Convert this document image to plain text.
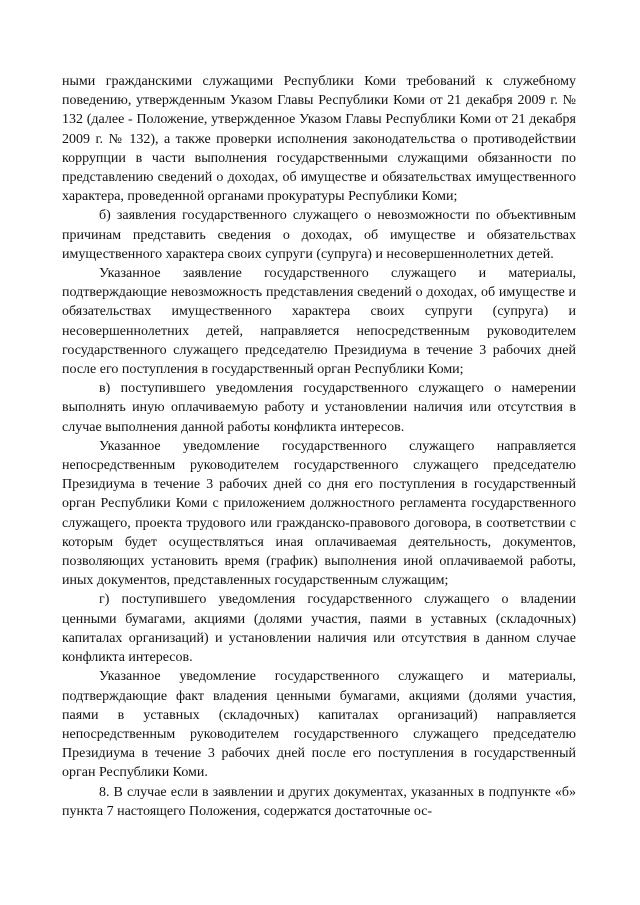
ными гражданскими служащими Республики Коми требований к служебному поведению, утвержденным Указом Главы Республики Коми от 21 декабря 2009 г. № 132 (далее - Положение, утвержденное Указом Главы Республики Коми от 21 декабря 2009 г. № 132), а также проверки исполнения законодательства о противодействии коррупции в части выполнения государственными служащими обязанности по представлению сведений о доходах, об имуществе и обязательствах имущественного характера, проведенной органами прокуратуры Республики Коми;

б) заявления государственного служащего о невозможности по объективным причинам представить сведения о доходах, об имуществе и обязательствах имущественного характера своих супруги (супруга) и несовершеннолетних детей.

Указанное заявление государственного служащего и материалы, подтверждающие невозможность представления сведений о доходах, об имуществе и обязательствах имущественного характера своих супруги (супруга) и несовершеннолетних детей, направляется непосредственным руководителем государственного служащего председателю Президиума в течение 3 рабочих дней после его поступления в государственный орган Республики Коми;

в) поступившего уведомления государственного служащего о намерении выполнять иную оплачиваемую работу и установлении наличия или отсутствия в случае выполнения данной работы конфликта интересов.

Указанное уведомление государственного служащего направляется непосредственным руководителем государственного служащего председателю Президиума в течение 3 рабочих дней со дня его поступления в государственный орган Республики Коми с приложением должностного регламента государственного служащего, проекта трудового или гражданско-правового договора, в соответствии с которым будет осуществляться иная оплачиваемая деятельность, документов, позволяющих установить время (график) выполнения иной оплачиваемой работы, иных документов, представленных государственным служащим;

г) поступившего уведомления государственного служащего о владении ценными бумагами, акциями (долями участия, паями в уставных (складочных) капиталах организаций) и установлении наличия или отсутствия в данном случае конфликта интересов.

Указанное уведомление государственного служащего и материалы, подтверждающие факт владения ценными бумагами, акциями (долями участия, паями в уставных (складочных) капиталах организаций) направляется непосредственным руководителем государственного служащего председателю Президиума в течение 3 рабочих дней после его поступления в государственный орган Республики Коми.

8. В случае если в заявлении и других документах, указанных в подпункте «б» пункта 7 настоящего Положения, содержатся достаточные ос-
